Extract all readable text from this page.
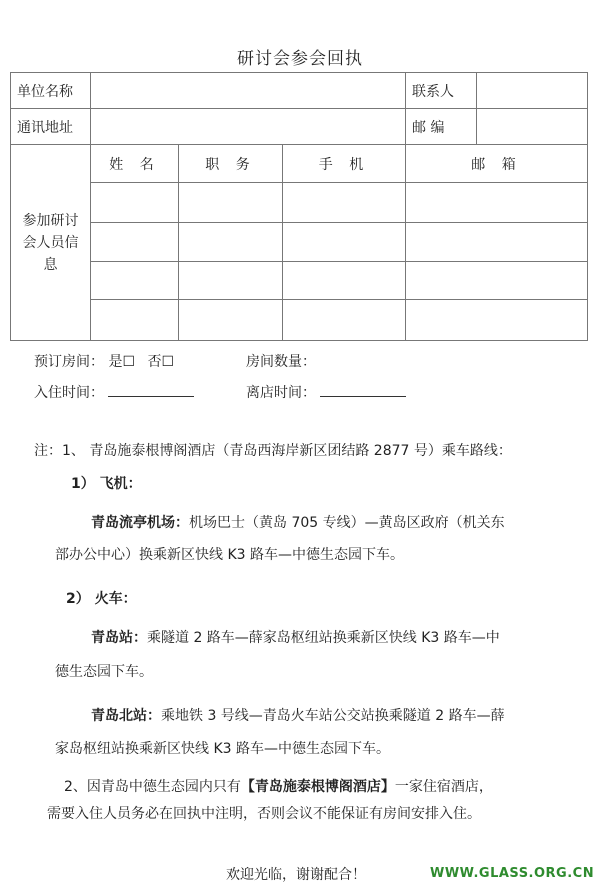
研讨会参会回执
单位名称				联系人	
通讯地址				邮 编	

参加研讨
会人员信
息	姓 名	职 务	手 机	邮 箱	

预订房间： 是☐ 否☐	房间数量：
入住时间：	离店时间：
注：1、 青岛施泰根博阁酒店（青岛西海岸新区团结路 2877 号）乘车路线：
1） 飞机：
青岛流亭机场：机场巴士（黄岛 705 专线）—黄岛区政府（机关东
部办公中心）换乘新区快线 K3 路车—中德生态园下车。
2） 火车：
青岛站：乘隧道 2 路车—薛家岛枢纽站换乘新区快线 K3 路车—中
德生态园下车。
青岛北站：乘地铁 3 号线—青岛火车站公交站换乘隧道 2 路车—薛
家岛枢纽站换乘新区快线 K3 路车—中德生态园下车。
2、因青岛中德生态园内只有【青岛施泰根博阁酒店】一家住宿酒店，
需要入住人员务必在回执中注明，否则会议不能保证有房间安排入住。
欢迎光临，谢谢配合！	WWW.GLASS.ORG.CN
